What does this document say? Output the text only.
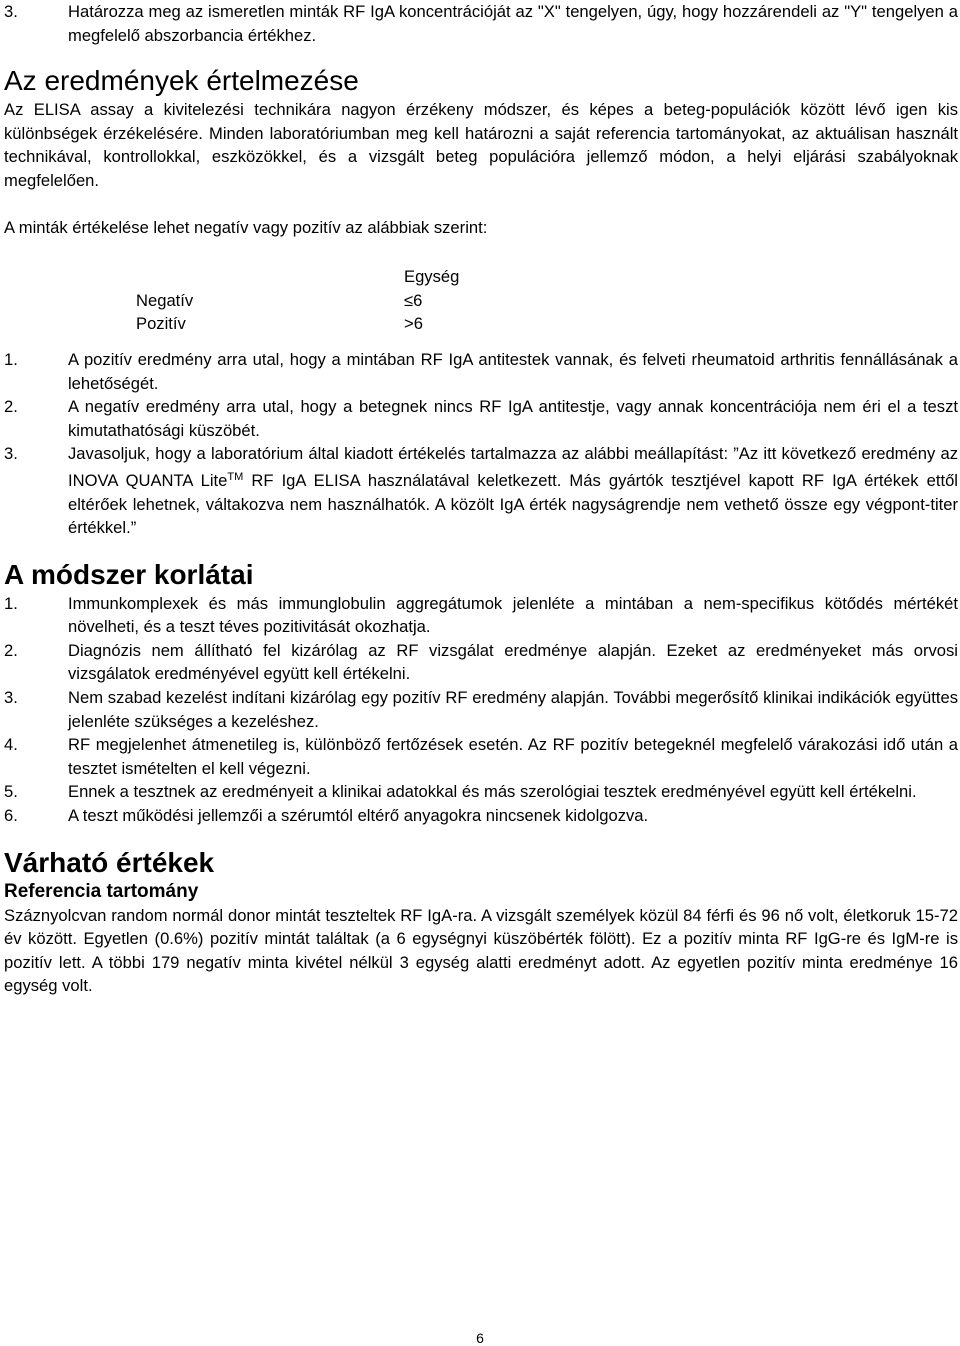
3.	Határozza meg az ismeretlen minták RF IgA koncentrációját az "X" tengelyen, úgy, hogy hozzárendeli az "Y" tengelyen a megfelelő abszorbancia értékhez.
Az eredmények értelmezése

Az ELISA assay a kivitelezési technikára nagyon érzékeny módszer, és képes a beteg-populációk között lévő igen kis különbségek érzékelésére. Minden laboratóriumban meg kell határozni a saját referencia tartományokat, az aktuálisan használt technikával, kontrollokkal, eszközökkel, és a vizsgált beteg populációra jellemző módon, a helyi eljárási szabályoknak megfelelően.

A minták értékelése lehet negatív vagy pozitív az alábbiak szerint:

Egység
Negatív	≤6
Pozitív	>6
1.	A pozitív eredmény arra utal, hogy a mintában RF IgA antitestek vannak, és felveti rheumatoid arthritis fennállásának a lehetőségét.
2.	A negatív eredmény arra utal, hogy a betegnek nincs RF IgA antitestje, vagy annak koncentrációja nem éri el a teszt kimutathatósági küszöbét.
3.	Javasoljuk, hogy a laboratórium által kiadott értékelés tartalmazza az alábbi meállapítást: ”Az itt következő eredmény az INOVA QUANTA Lite™ RF IgA ELISA használatával keletkezett. Más gyártók tesztjével kapott RF IgA értékek ettől eltérőek lehetnek, váltakozva nem használhatók. A közölt IgA érték nagyságrendje nem vethető össze egy végpont-titer értékkel.”
A módszer korlátai
1.	Immunkomplexek és más immunglobulin aggregátumok jelenléte a mintában a nem-specifikus kötődés mértékét növelheti, és a teszt téves pozitivitását okozhatja.
2.	Diagnózis nem állítható fel kizárólag az RF vizsgálat eredménye alapján. Ezeket az eredményeket más orvosi vizsgálatok eredményével együtt kell értékelni.
3.	Nem szabad kezelést indítani kizárólag egy pozitív RF eredmény alapján. További megerősítő klinikai indikációk együttes jelenléte szükséges a kezeléshez.
4.	RF megjelenhet átmenetileg is, különböző fertőzések esetén. Az RF pozitív betegeknél megfelelő várakozási idő után a tesztet ismételten el kell végezni.
5.	Ennek a tesztnek az eredményeit a klinikai adatokkal és más szerológiai tesztek eredményével együtt kell értékelni.
6.	A teszt működési jellemzői a szérumtól eltérő anyagokra nincsenek kidolgozva.
Várható értékek
Referencia tartomány

Száznyolcvan random normál donor mintát teszteltek RF IgA-ra. A vizsgált személyek közül 84 férfi és 96 nő volt, életkoruk 15-72 év között. Egyetlen (0.6%) pozitív mintát találtak (a 6 egységnyi küszöbérték fölött). Ez a pozitív minta RF IgG-re és IgM-re is pozitív lett. A többi 179 negatív minta kivétel nélkül 3 egység alatti eredményt adott. Az egyetlen pozitív minta eredménye 16 egység volt.

6
